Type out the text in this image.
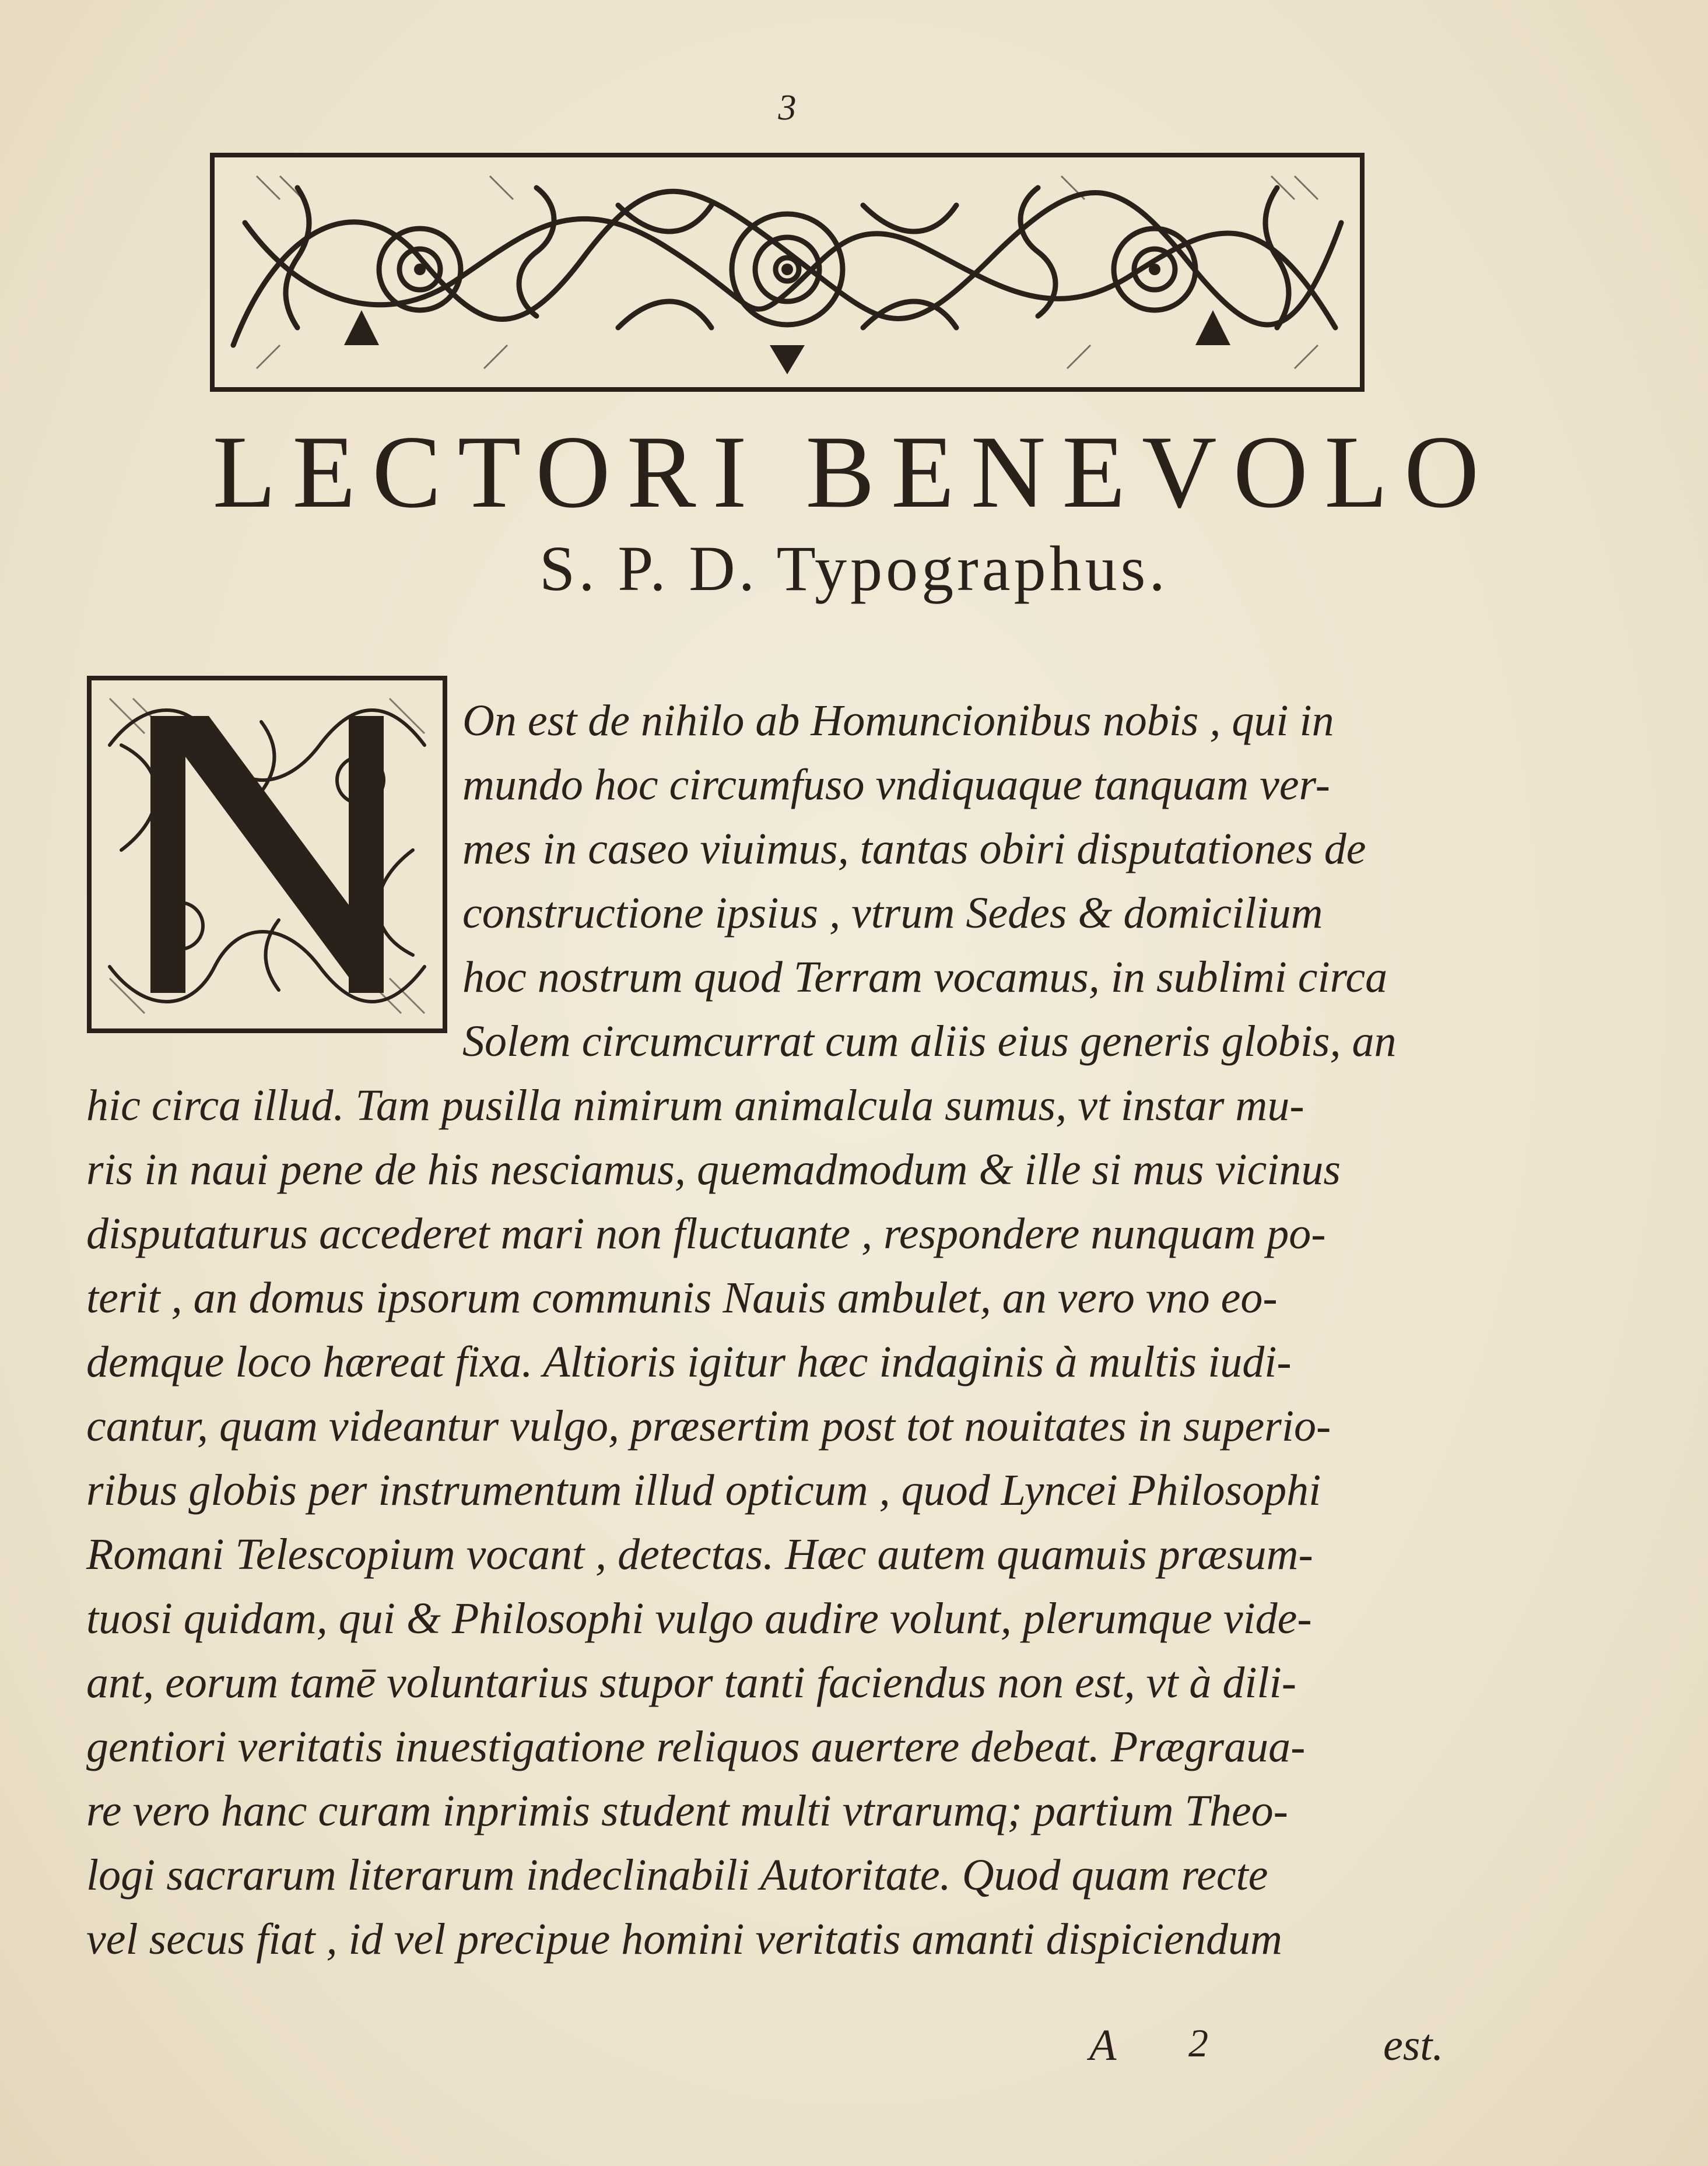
3
LECTORI BENEVOLO
S. P. D. Typographus.
N
On est de nihilo ab Homuncionibus nobis , qui in
mundo hoc circumfuso vndiquaque tanquam ver-
mes in caseo viuimus, tantas obiri disputationes de
constructione ipsius , vtrum Sedes & domicilium
hoc nostrum quod Terram vocamus, in sublimi circa
Solem circumcurrat cum aliis eius generis globis, an
hic circa illud. Tam pusilla nimirum animalcula sumus, vt instar mu-
ris in naui pene de his nesciamus, quemadmodum & ille si mus vicinus
disputaturus accederet mari non fluctuante , respondere nunquam po-
terit , an domus ipsorum communis Nauis ambulet, an vero vno eo-
demque loco hæreat fixa. Altioris igitur hæc indaginis à multis iudi-
cantur, quam videantur vulgo, præsertim post tot nouitates in superio-
ribus globis per instrumentum illud opticum , quod Lyncei Philosophi
Romani Telescopium vocant , detectas. Hæc autem quamuis præsum-
tuosi quidam, qui & Philosophi vulgo audire volunt, plerumque vide-
ant, eorum tamē voluntarius stupor tanti faciendus non est, vt à dili-
gentiori veritatis inuestigatione reliquos auertere debeat. Prægraua-
re vero hanc curam inprimis student multi vtrarumq; partium Theo-
logi sacrarum literarum indeclinabili Autoritate. Quod quam recte
vel secus fiat , id vel precipue homini veritatis amanti dispiciendum
A 2	est.
